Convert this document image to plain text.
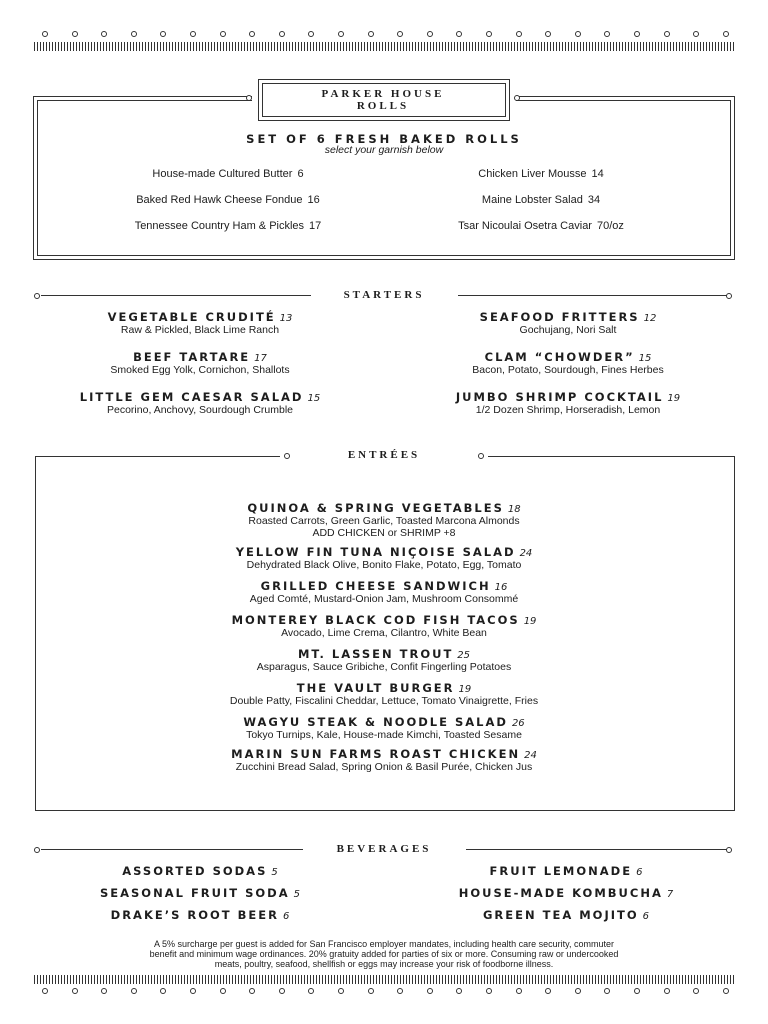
PARKER HOUSE
ROLLS
SET OF 6 FRESH BAKED ROLLS
select your garnish below
House-made Cultured Butter 6
Baked Red Hawk Cheese Fondue 16
Tennessee Country Ham & Pickles 17
Chicken Liver Mousse 14
Maine Lobster Salad 34
Tsar Nicoulai Osetra Caviar 70/oz
STARTERS
VEGETABLE CRUDITÉ 13
Raw & Pickled, Black Lime Ranch
SEAFOOD FRITTERS 12
Gochujang, Nori Salt
BEEF TARTARE 17
Smoked Egg Yolk, Cornichon, Shallots
CLAM “CHOWDER” 15
Bacon, Potato, Sourdough, Fines Herbes
LITTLE GEM CAESAR SALAD 15
Pecorino, Anchovy, Sourdough Crumble
JUMBO SHRIMP COCKTAIL 19
1/2 Dozen Shrimp, Horseradish, Lemon
ENTRÉES
QUINOA & SPRING VEGETABLES 18
Roasted Carrots, Green Garlic, Toasted Marcona Almonds
ADD CHICKEN or SHRIMP +8
YELLOW FIN TUNA NIÇOISE SALAD 24
Dehydrated Black Olive, Bonito Flake, Potato, Egg, Tomato
GRILLED CHEESE SANDWICH 16
Aged Comté, Mustard-Onion Jam, Mushroom Consommé
MONTEREY BLACK COD FISH TACOS 19
Avocado, Lime Crema, Cilantro, White Bean
MT. LASSEN TROUT 25
Asparagus, Sauce Gribiche, Confit Fingerling Potatoes
THE VAULT BURGER 19
Double Patty, Fiscalini Cheddar, Lettuce, Tomato Vinaigrette, Fries
WAGYU STEAK & NOODLE SALAD 26
Tokyo Turnips, Kale, House-made Kimchi, Toasted Sesame
MARIN SUN FARMS ROAST CHICKEN 24
Zucchini Bread Salad, Spring Onion & Basil Purée, Chicken Jus
BEVERAGES
ASSORTED SODAS 5	FRUIT LEMONADE 6
SEASONAL FRUIT SODA 5	HOUSE-MADE KOMBUCHA 7
DRAKE’S ROOT BEER 6	GREEN TEA MOJITO 6
A 5% surcharge per guest is added for San Francisco employer mandates, including health care security, commuter
benefit and minimum wage ordinances. 20% gratuity added for parties of six or more. Consuming raw or undercooked
meats, poultry, seafood, shellfish or eggs may increase your risk of foodborne illness.
